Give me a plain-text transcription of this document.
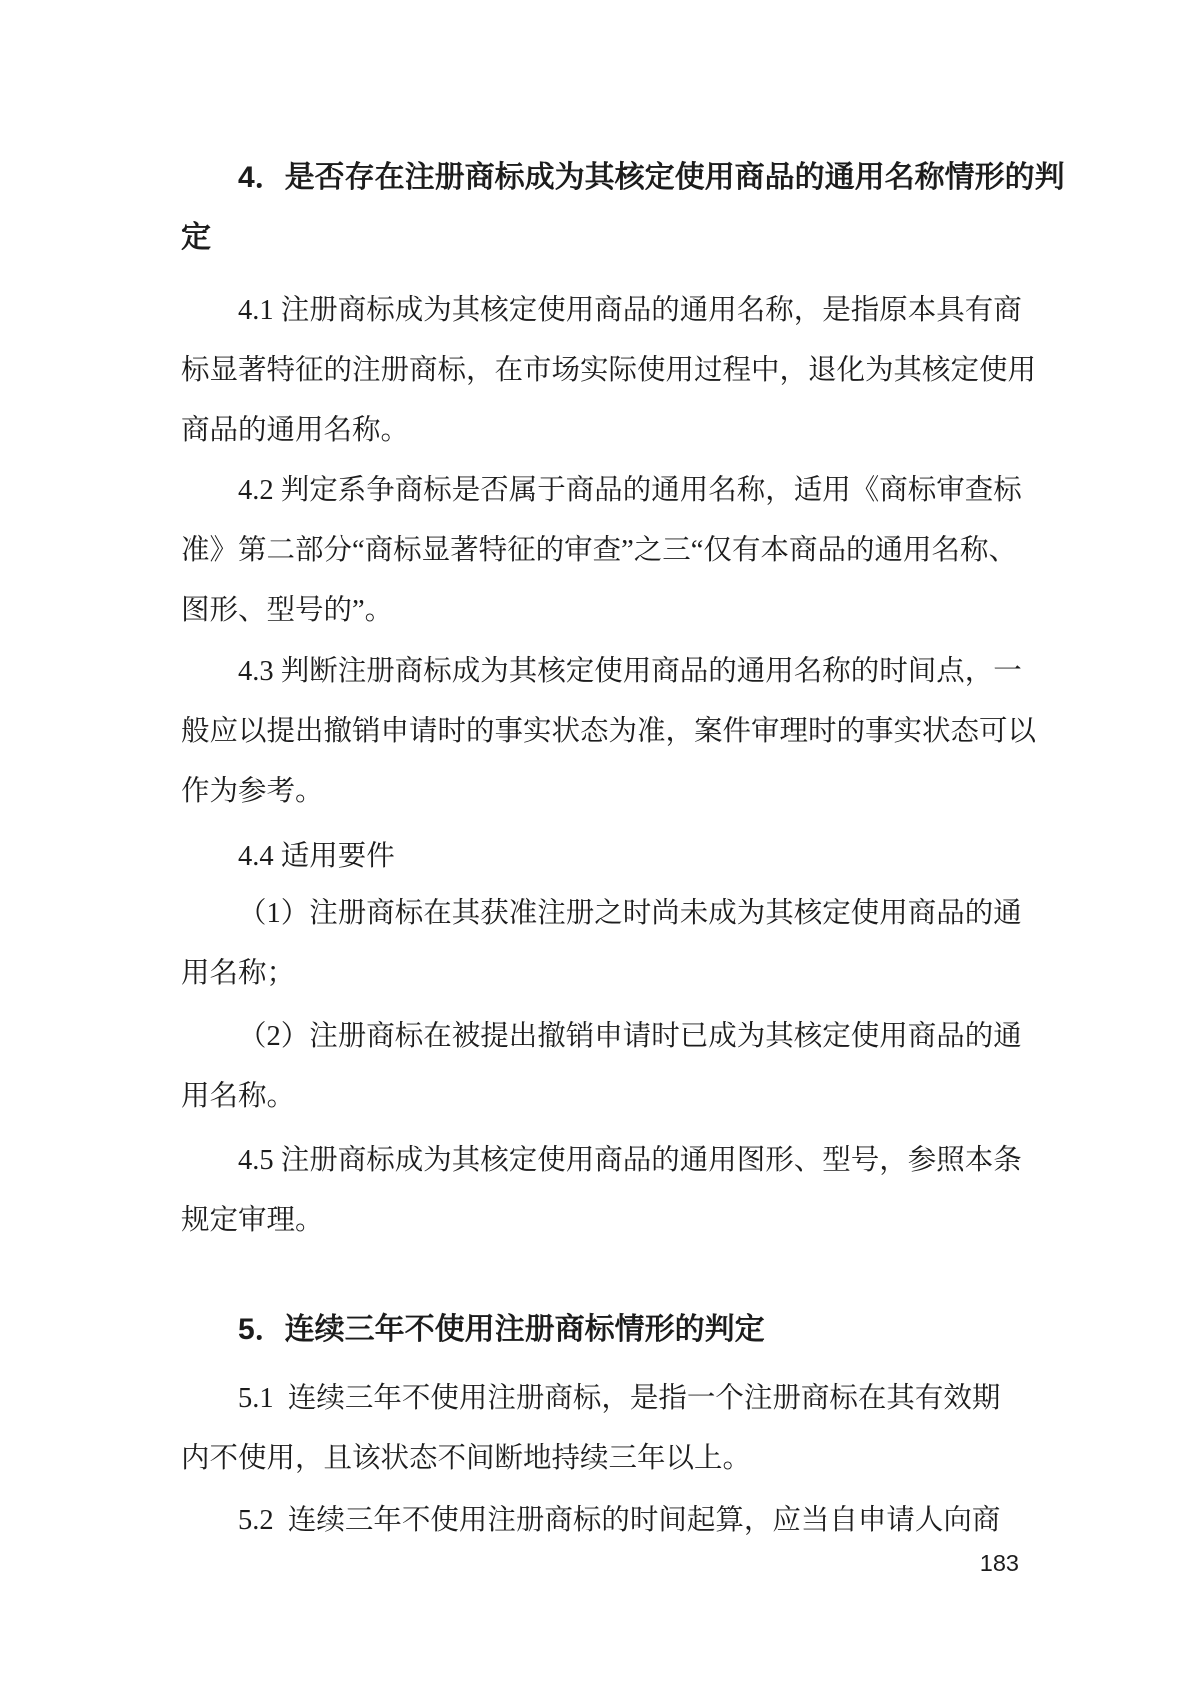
4．是否存在注册商标成为其核定使用商品的通用名称情形的判
定
4.1 注册商标成为其核定使用商品的通用名称，是指原本具有商
标显著特征的注册商标，在市场实际使用过程中，退化为其核定使用
商品的通用名称。
4.2 判定系争商标是否属于商品的通用名称，适用《商标审查标
准》第二部分“商标显著特征的审查”之三“仅有本商品的通用名称、
图形、型号的”。
4.3 判断注册商标成为其核定使用商品的通用名称的时间点，一
般应以提出撤销申请时的事实状态为准，案件审理时的事实状态可以
作为参考。
4.4 适用要件
（1）注册商标在其获准注册之时尚未成为其核定使用商品的通
用名称；
（2）注册商标在被提出撤销申请时已成为其核定使用商品的通
用名称。
4.5 注册商标成为其核定使用商品的通用图形、型号，参照本条
规定审理。
5．连续三年不使用注册商标情形的判定
5.1  连续三年不使用注册商标，是指一个注册商标在其有效期
内不使用，且该状态不间断地持续三年以上。
5.2  连续三年不使用注册商标的时间起算，应当自申请人向商
183
